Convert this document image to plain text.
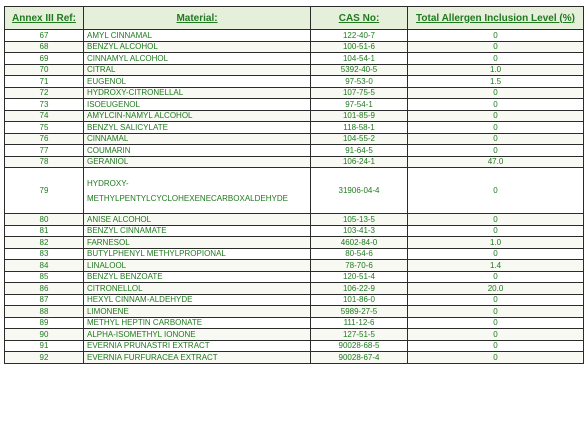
Annex III Ref:	Material:	CAS No:	Total Allergen Inclusion Level (%)
67	AMYL CINNAMAL	122-40-7	0
68	BENZYL ALCOHOL	100-51-6	0
69	CINNAMYL ALCOHOL	104-54-1	0
70	CITRAL	5392-40-5	1.0
71	EUGENOL	97-53-0	1.5
72	HYDROXY-CITRONELLAL	107-75-5	0
73	ISOEUGENOL	97-54-1	0
74	AMYLCIN-NAMYL ALCOHOL	101-85-9	0
75	BENZYL SALICYLATE	118-58-1	0
76	CINNAMAL	104-55-2	0
77	COUMARIN	91-64-5	0
78	GERANIOL	106-24-1	47.0
79	HYDROXY- METHYLPENTYLCYCLOHEXENECARBOXALDEHYDE	31906-04-4	0
80	ANISE ALCOHOL	105-13-5	0
81	BENZYL CINNAMATE	103-41-3	0
82	FARNESOL	4602-84-0	1.0
83	BUTYLPHENYL METHYLPROPIONAL	80-54-6	0
84	LINALOOL	78-70-6	1.4
85	BENZYL BENZOATE	120-51-4	0
86	CITRONELLOL	106-22-9	20.0
87	HEXYL CINNAM-ALDEHYDE	101-86-0	0
88	LIMONENE	5989-27-5	0
89	METHYL HEPTIN CARBONATE	111-12-6	0
90	ALPHA-ISOMETHYL IONONE	127-51-5	0
91	EVERNIA PRUNASTRI EXTRACT	90028-68-5	0
92	EVERNIA FURFURACEA EXTRACT	90028-67-4	0
